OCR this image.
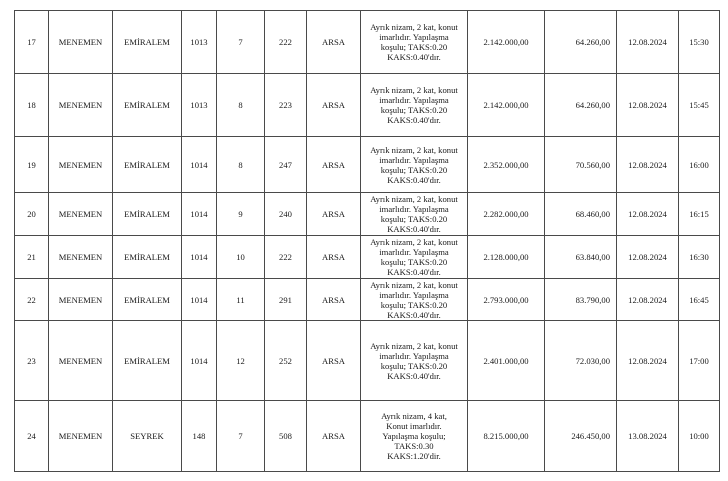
17	MENEMEN	EMİRALEM	1013	7	222	ARSA	Ayrık nizam, 2 kat, konut
imarlıdır. Yapılaşma
koşulu; TAKS:0.20
KAKS:0.40'dır.	2.142.000,00	64.260,00	12.08.2024	15:30
18	MENEMEN	EMİRALEM	1013	8	223	ARSA	Ayrık nizam, 2 kat, konut
imarlıdır. Yapılaşma
koşulu; TAKS:0.20
KAKS:0.40'dır.	2.142.000,00	64.260,00	12.08.2024	15:45
19	MENEMEN	EMİRALEM	1014	8	247	ARSA	Ayrık nizam, 2 kat, konut
imarlıdır. Yapılaşma
koşulu; TAKS:0.20
KAKS:0.40'dır.	2.352.000,00	70.560,00	12.08.2024	16:00
20	MENEMEN	EMİRALEM	1014	9	240	ARSA	Ayrık nizam, 2 kat, konut
imarlıdır. Yapılaşma
koşulu; TAKS:0.20
KAKS:0.40'dır.	2.282.000,00	68.460,00	12.08.2024	16:15
21	MENEMEN	EMİRALEM	1014	10	222	ARSA	Ayrık nizam, 2 kat, konut
imarlıdır. Yapılaşma
koşulu; TAKS:0.20
KAKS:0.40'dır.	2.128.000,00	63.840,00	12.08.2024	16:30
22	MENEMEN	EMİRALEM	1014	11	291	ARSA	Ayrık nizam, 2 kat, konut
imarlıdır. Yapılaşma
koşulu; TAKS:0.20
KAKS:0.40'dır.	2.793.000,00	83.790,00	12.08.2024	16:45
23	MENEMEN	EMİRALEM	1014	12	252	ARSA	Ayrık nizam, 2 kat, konut
imarlıdır. Yapılaşma
koşulu; TAKS:0.20
KAKS:0.40'dır.	2.401.000,00	72.030,00	12.08.2024	17:00
24	MENEMEN	SEYREK	148	7	508	ARSA	Ayrık nizam, 4 kat,
Konut imarlıdır.
Yapılaşma koşulu;
TAKS:0.30
KAKS:1.20'dir.	8.215.000,00	246.450,00	13.08.2024	10:00
